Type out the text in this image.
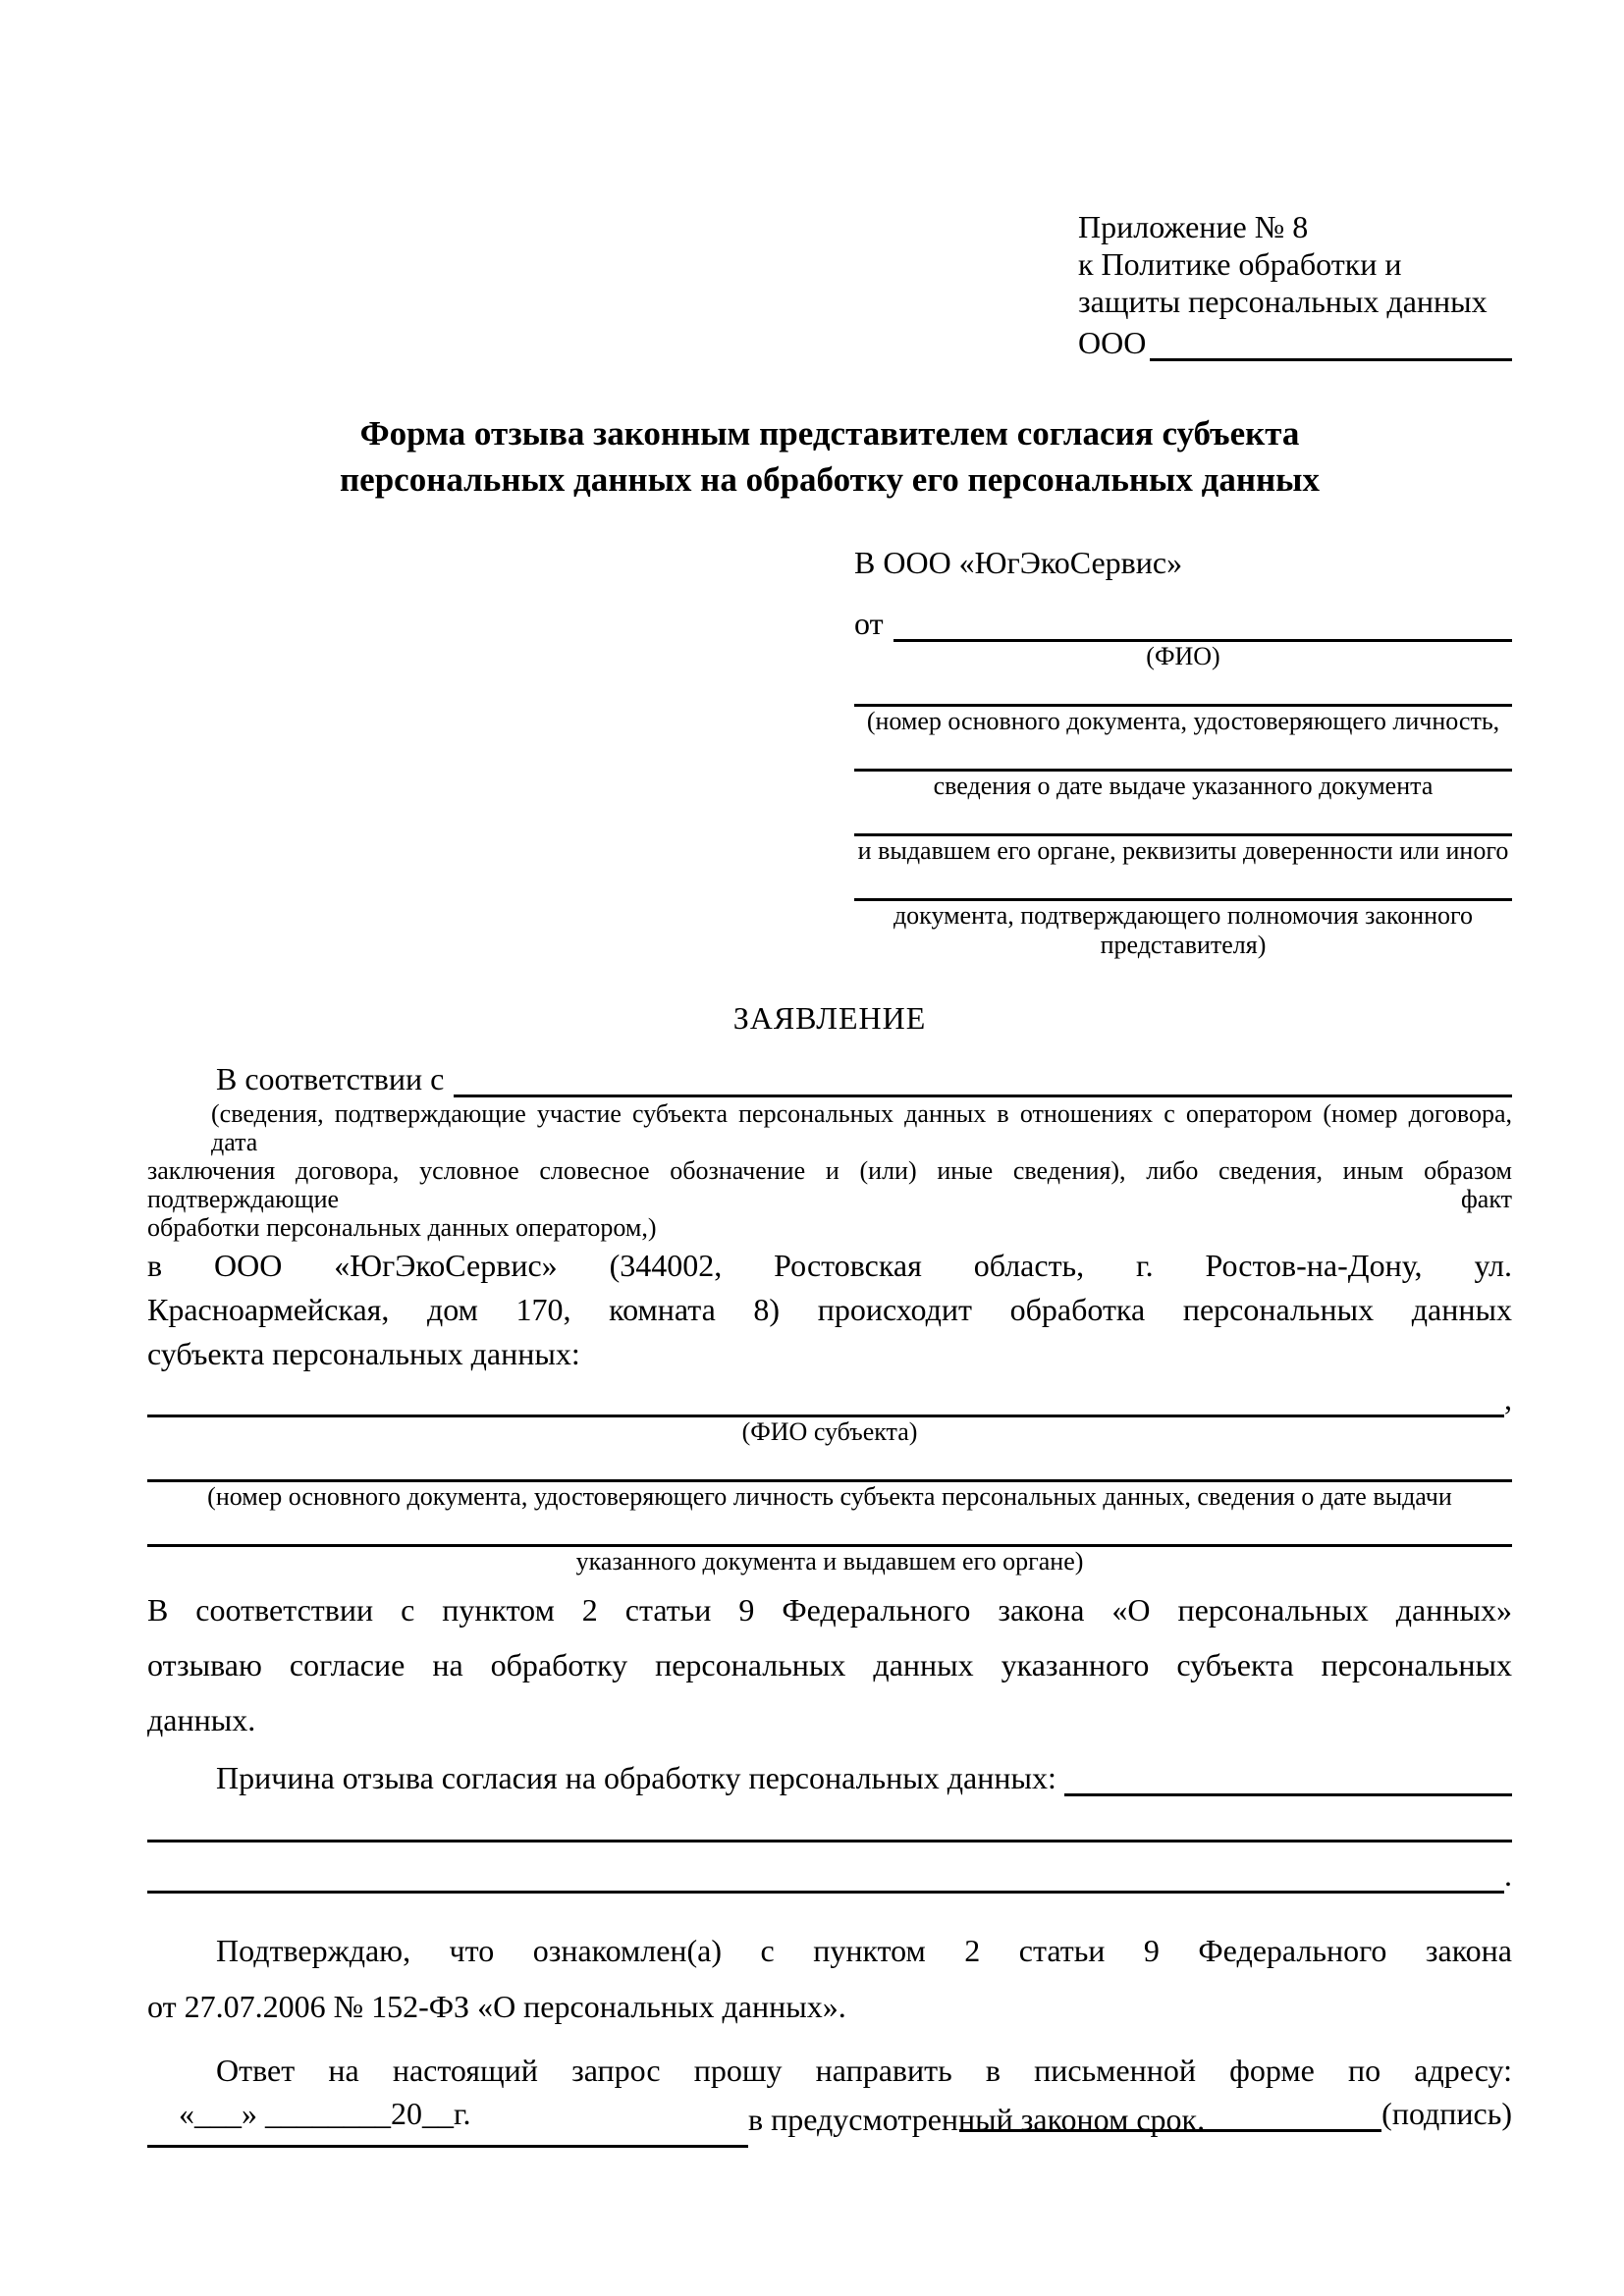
Приложение № 8
к Политике обработки и
защиты персональных данных
ООО
Форма отзыва законным представителем согласия субъекта
персональных данных на обработку его персональных данных
В ООО «ЮгЭкоСервис»
от
(ФИО)
(номер основного документа, удостоверяющего личность,
сведения о дате выдаче указанного документа
и выдавшем его органе, реквизиты доверенности или иного
документа, подтверждающего полномочия законного представителя)
ЗАЯВЛЕНИЕ
В соответствии с
(сведения, подтверждающие участие субъекта персональных данных в отношениях с оператором (номер договора, дата
заключения договора, условное словесное обозначение и (или) иные сведения), либо сведения, иным образом подтверждающие факт
обработки персональных данных оператором,)
в ООО «ЮгЭкоСервис» (344002, Ростовская область, г. Ростов-на-Дону, ул.
Красноармейская, дом 170, комната 8) происходит обработка персональных данных
субъекта персональных данных:
,
(ФИО субъекта)
(номер основного документа, удостоверяющего личность субъекта персональных данных, сведения о дате выдачи
указанного документа и выдавшем его органе)
В соответствии с пунктом 2 статьи 9 Федерального закона «О персональных данных»
отзываю согласие на обработку персональных данных указанного субъекта персональных
данных.
Причина отзыва согласия на обработку персональных данных:
.
Подтверждаю, что ознакомлен(а) с пунктом 2 статьи 9 Федерального закона
от 27.07.2006 № 152-ФЗ «О персональных данных».
Ответ на настоящий запрос прошу направить в письменной форме по адресу:
в предусмотренный законом срок.
«___» ________20__г.	(подпись)
